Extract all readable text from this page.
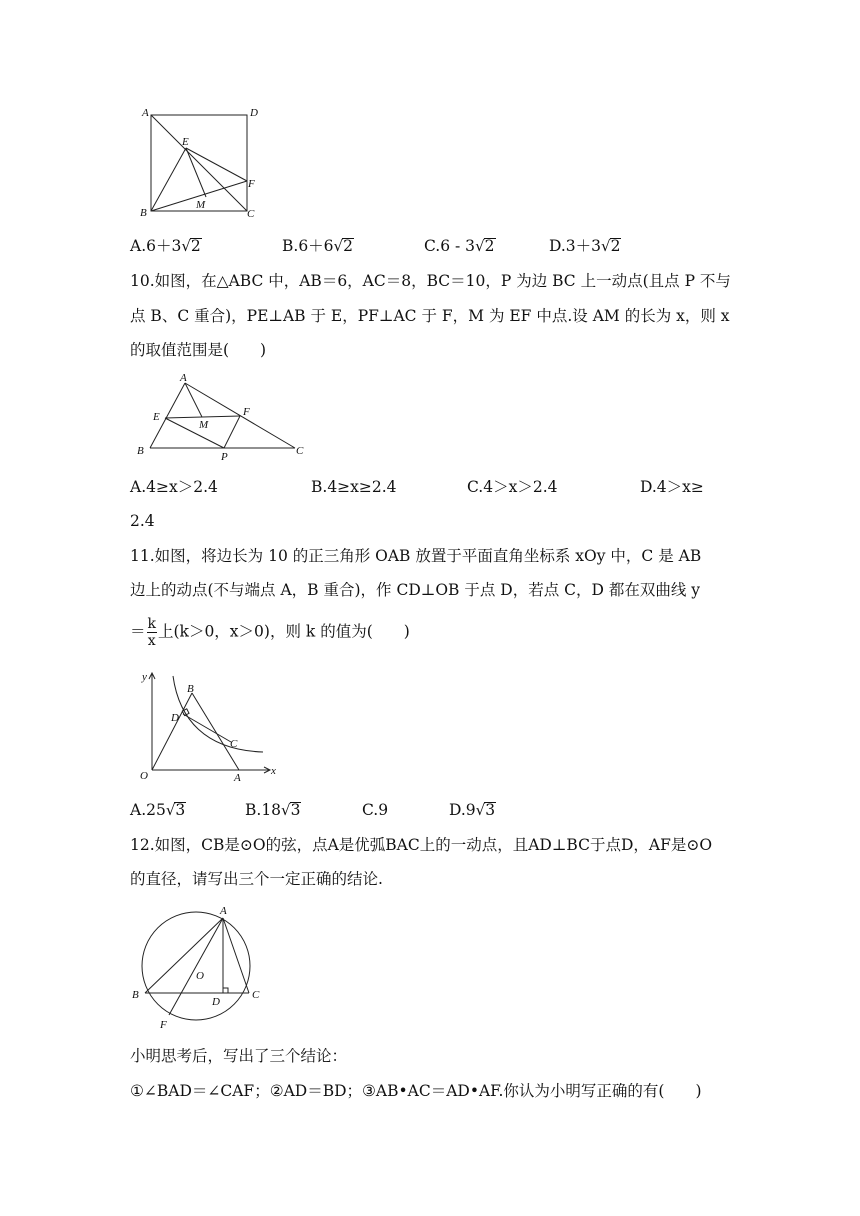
A	D
E
F
B
M
C
A.6＋3√2	B.6＋6√2	C.6 - 3√2	D.3＋3√2
10.如图，在△ABC 中，AB＝6，AC＝8，BC＝10，P 为边 BC 上一动点(且点 P 不与
点 B、C 重合)，PE⊥AB 于 E，PF⊥AC 于 F，M 为 EF 中点.设 AM 的长为 x，则 x
的取值范围是(　　)
A
E	F
M
B	P	C
A.4≥x＞2.4	B.4≥x≥2.4	C.4＞x＞2.4	D.4＞x≥
2.4
11.如图，将边长为 10 的正三角形 OAB 放置于平面直角坐标系 xOy 中，C 是 AB
边上的动点(不与端点 A，B 重合)，作 CD⊥OB 于点 D，若点 C，D 都在双曲线 y
＝ $\frac{k}{x}$ 上(k＞0，x＞0)，则 k 的值为(　　)
y
B
D
C
O	A
x
A.25√3	B.18√3	C.9	D.9√3
12.如图，CB是⊙O的弦，点A是优弧BAC上的一动点，且AD⊥BC于点D，AF是⊙O
的直径，请写出三个一定正确的结论.
A
O
B
D
C
F
小明思考后，写出了三个结论：
①∠BAD＝∠CAF；②AD＝BD；③AB•AC＝AD•AF.你认为小明写正确的有(　　)
